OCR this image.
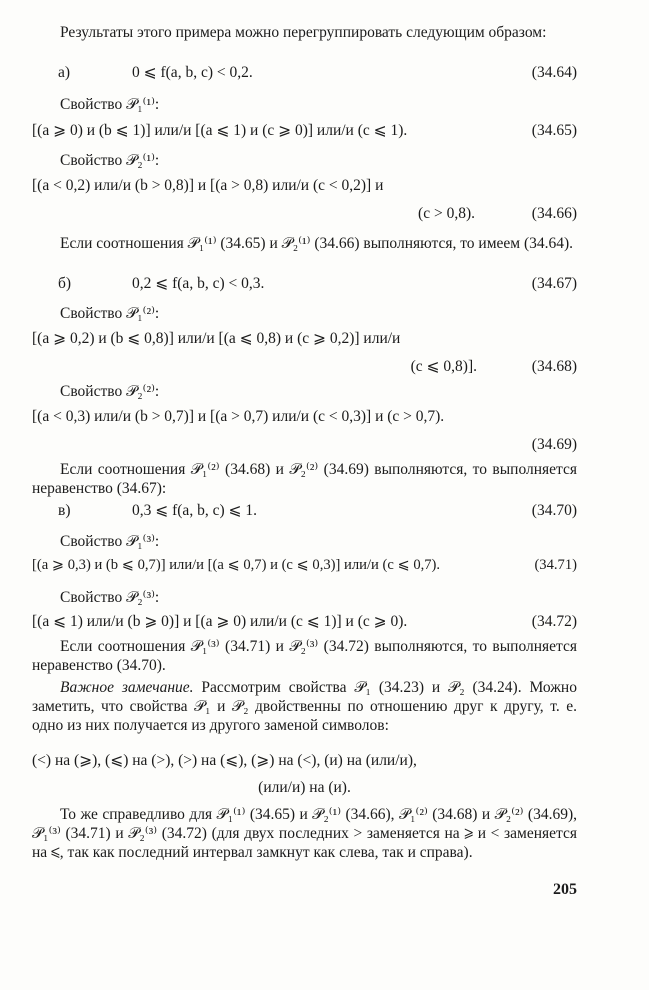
Результаты этого примера можно перегруппировать следующим образом:

а)	0 ⩽ f(a, b, c) < 0,2.	(34.64)

Свойство 𝒫₁⁽¹⁾:

[(a ⩾ 0) и (b ⩽ 1)] или/и [(a ⩽ 1) и (c ⩾ 0)] или/и (c ⩽ 1).	(34.65)

Свойство 𝒫₂⁽¹⁾:

[(a < 0,2) или/и (b > 0,8)] и [(a > 0,8) или/и (c < 0,2)] и
(c > 0,8).	(34.66)

Если соотношения 𝒫₁⁽¹⁾ (34.65) и 𝒫₂⁽¹⁾ (34.66) выполняются, то имеем (34.64).

б)	0,2 ⩽ f(a, b, c) < 0,3.	(34.67)

Свойство 𝒫₁⁽²⁾:

[(a ⩾ 0,2) и (b ⩽ 0,8)] или/и [(a ⩽ 0,8) и (c ⩾ 0,2)] или/и
(c ⩽ 0,8)].	(34.68)

Свойство 𝒫₂⁽²⁾:

[(a < 0,3) или/и (b > 0,7)] и [(a > 0,7) или/и (c < 0,3)] и (c > 0,7).
(34.69)

Если соотношения 𝒫₁⁽²⁾ (34.68) и 𝒫₂⁽²⁾ (34.69) выполняются, то выполняется неравенство (34.67):

в)	0,3 ⩽ f(a, b, c) ⩽ 1.	(34.70)

Свойство 𝒫₁⁽³⁾:

[(a ⩾ 0,3) и (b ⩽ 0,7)] или/и [(a ⩽ 0,7) и (c ⩽ 0,3)] или/и (c ⩽ 0,7).	(34.71)

Свойство 𝒫₂⁽³⁾:

[(a ⩽ 1) или/и (b ⩾ 0)] и [(a ⩾ 0) или/и (c ⩽ 1)] и (c ⩾ 0).	(34.72)

Если соотношения 𝒫₁⁽³⁾ (34.71) и 𝒫₂⁽³⁾ (34.72) выполняются, то выполняется неравенство (34.70).

Важное замечание. Рассмотрим свойства 𝒫₁ (34.23) и 𝒫₂ (34.24). Можно заметить, что свойства 𝒫₁ и 𝒫₂ двойственны по отношению друг к другу, т. е. одно из них получается из другого заменой символов:

(<) на (⩾), (⩽) на (>), (>) на (⩽), (⩾) на (<), (и) на (или/и),

(или/и) на (и).

То же справедливо для 𝒫₁⁽¹⁾ (34.65) и 𝒫₂⁽¹⁾ (34.66), 𝒫₁⁽²⁾ (34.68) и 𝒫₂⁽²⁾ (34.69), 𝒫₁⁽³⁾ (34.71) и 𝒫₂⁽³⁾ (34.72) (для двух последних > заменяется на ⩾ и < заменяется на ⩽, так как последний интервал замкнут как слева, так и справа).

205
